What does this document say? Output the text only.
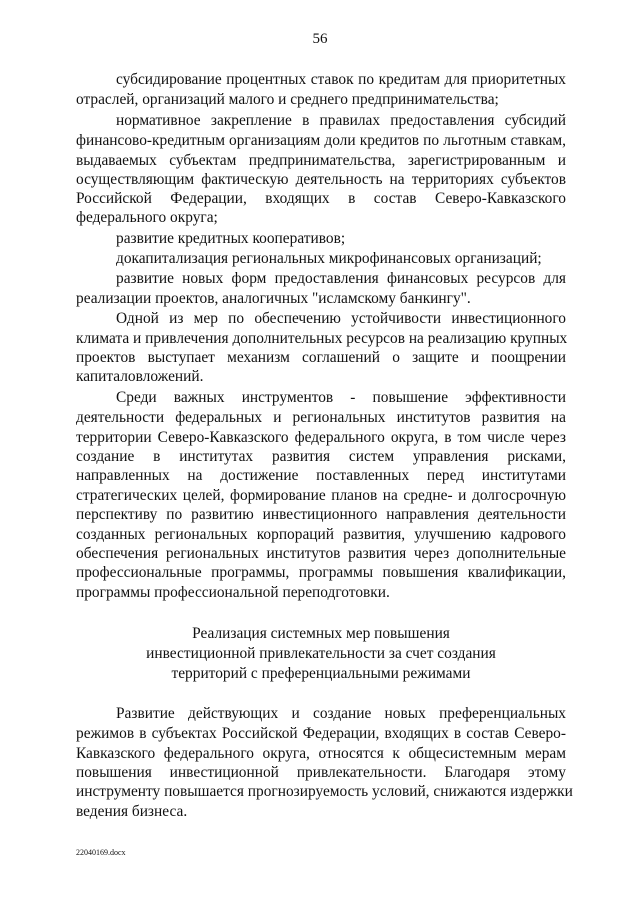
56
субсидирование процентных ставок по кредитам для приоритетных
отраслей, организаций малого и среднего предпринимательства;
нормативное закрепление в правилах предоставления субсидий
финансово-кредитным организациям доли кредитов по льготным ставкам,
выдаваемых субъектам предпринимательства, зарегистрированным и
осуществляющим фактическую деятельность на территориях субъектов
Российской Федерации, входящих в состав Северо-Кавказского
федерального округа;
развитие кредитных кооперативов;
докапитализация региональных микрофинансовых организаций;
развитие новых форм предоставления финансовых ресурсов для
реализации проектов, аналогичных "исламскому банкингу".
Одной из мер по обеспечению устойчивости инвестиционного
климата и привлечения дополнительных ресурсов на реализацию крупных
проектов выступает механизм соглашений о защите и поощрении
капиталовложений.
Среди важных инструментов - повышение эффективности
деятельности федеральных и региональных институтов развития на
территории Северо-Кавказского федерального округа, в том числе через
создание в институтах развития систем управления рисками,
направленных на достижение поставленных перед институтами
стратегических целей, формирование планов на средне- и долгосрочную
перспективу по развитию инвестиционного направления деятельности
созданных региональных корпораций развития, улучшению кадрового
обеспечения региональных институтов развития через дополнительные
профессиональные программы, программы повышения квалификации,
программы профессиональной переподготовки.
Реализация системных мер повышения
инвестиционной привлекательности за счет создания
территорий с преференциальными режимами
Развитие действующих и создание новых преференциальных
режимов в субъектах Российской Федерации, входящих в состав Северо-
Кавказского федерального округа, относятся к общесистемным мерам
повышения инвестиционной привлекательности. Благодаря этому
инструменту повышается прогнозируемость условий, снижаются издержки
ведения бизнеса.
22040169.docx
